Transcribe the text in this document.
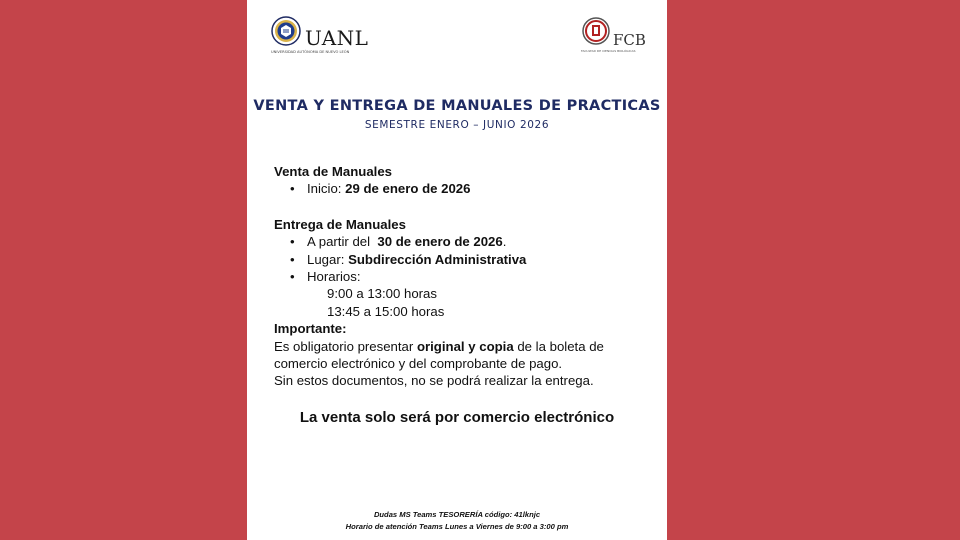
UANL
UNIVERSIDAD AUTÓNOMA DE NUEVO LEÓN
FCB
FACULTAD DE CIENCIAS BIOLÓGICAS
VENTA Y ENTREGA DE MANUALES DE PRACTICAS
SEMESTRE ENERO – JUNIO 2026
Venta de Manuales
• Inicio: 29 de enero de 2026
Entrega de Manuales
• A partir del  30 de enero de 2026.
• Lugar: Subdirección Administrativa
• Horarios:
9:00 a 13:00 horas
13:45 a 15:00 horas
Importante:
Es obligatorio presentar original y copia de la boleta de
comercio electrónico y del comprobante de pago.
Sin estos documentos, no se podrá realizar la entrega.
La venta solo será por comercio electrónico
Dudas MS Teams TESORERÍA código: 41lknjc
Horario de atención Teams Lunes a Viernes de 9:00 a 3:00 pm
